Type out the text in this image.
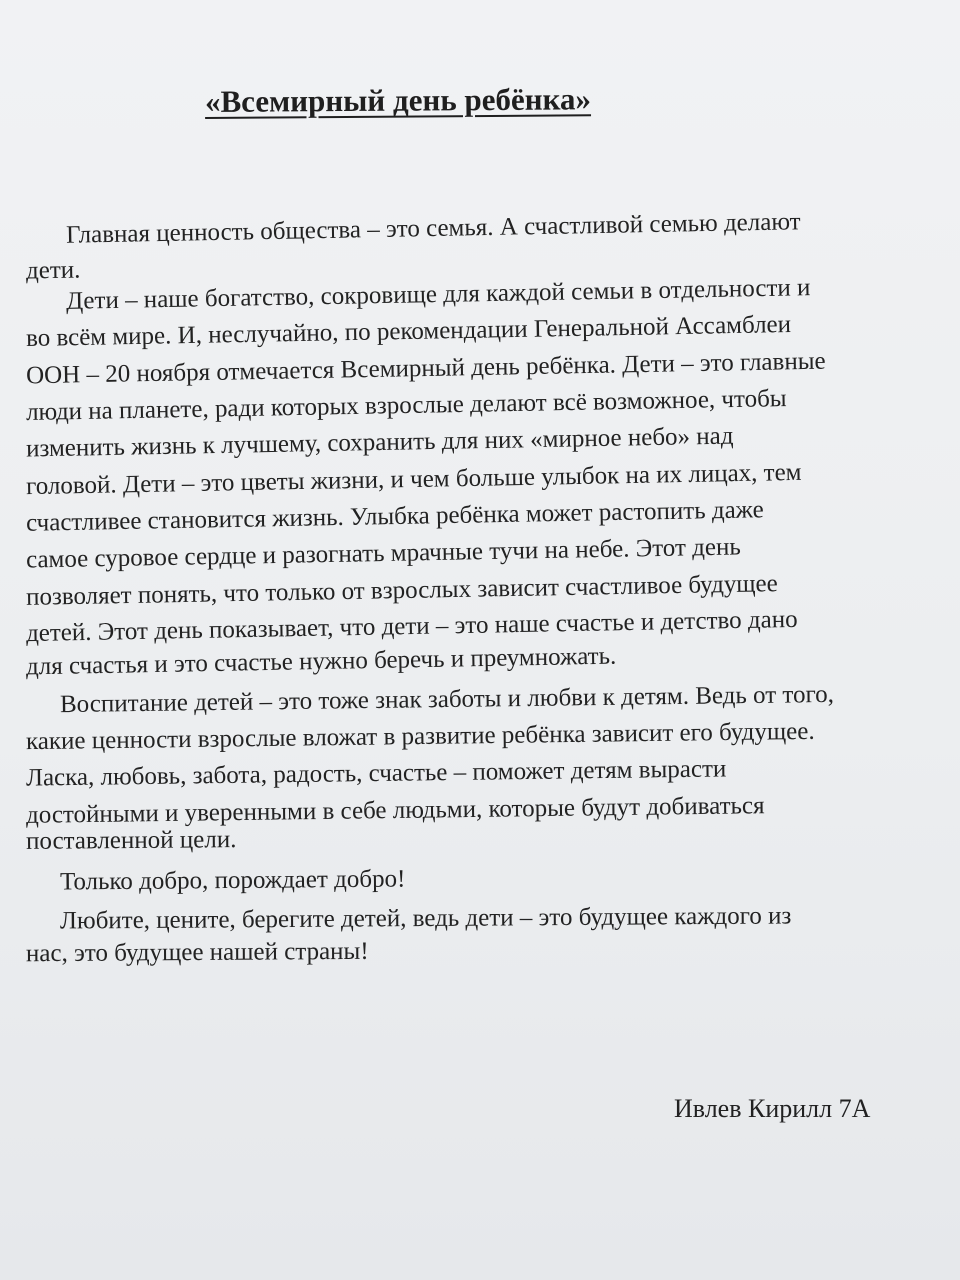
«Всемирный день ребёнка»

Главная ценность общества – это семья. А счастливой семью делают

дети.

Дети – наше богатство, сокровище для каждой семьи в отдельности и

во всём мире. И, неслучайно, по рекомендации Генеральной Ассамблеи

ООН – 20 ноября отмечается Всемирный день ребёнка. Дети – это главные

люди на планете, ради которых взрослые делают всё возможное, чтобы

изменить жизнь к лучшему, сохранить для них «мирное небо» над

головой. Дети – это цветы жизни, и чем больше улыбок на их лицах, тем

счастливее становится жизнь. Улыбка ребёнка может растопить даже

самое суровое сердце и разогнать мрачные тучи на небе. Этот день

позволяет понять, что только от взрослых зависит счастливое будущее

детей. Этот день показывает, что дети – это наше счастье и детство дано

для счастья и это счастье нужно беречь и преумножать.

Воспитание детей – это тоже знак заботы и любви к детям. Ведь от того,

какие ценности взрослые вложат в развитие ребёнка зависит его будущее.

Ласка, любовь, забота, радость, счастье – поможет детям вырасти

достойными и уверенными в себе людьми, которые будут добиваться

поставленной цели.

Только добро, порождает добро!

Любите, цените, берегите детей, ведь дети – это будущее каждого из

нас, это будущее нашей страны!

Ивлев Кирилл 7А
